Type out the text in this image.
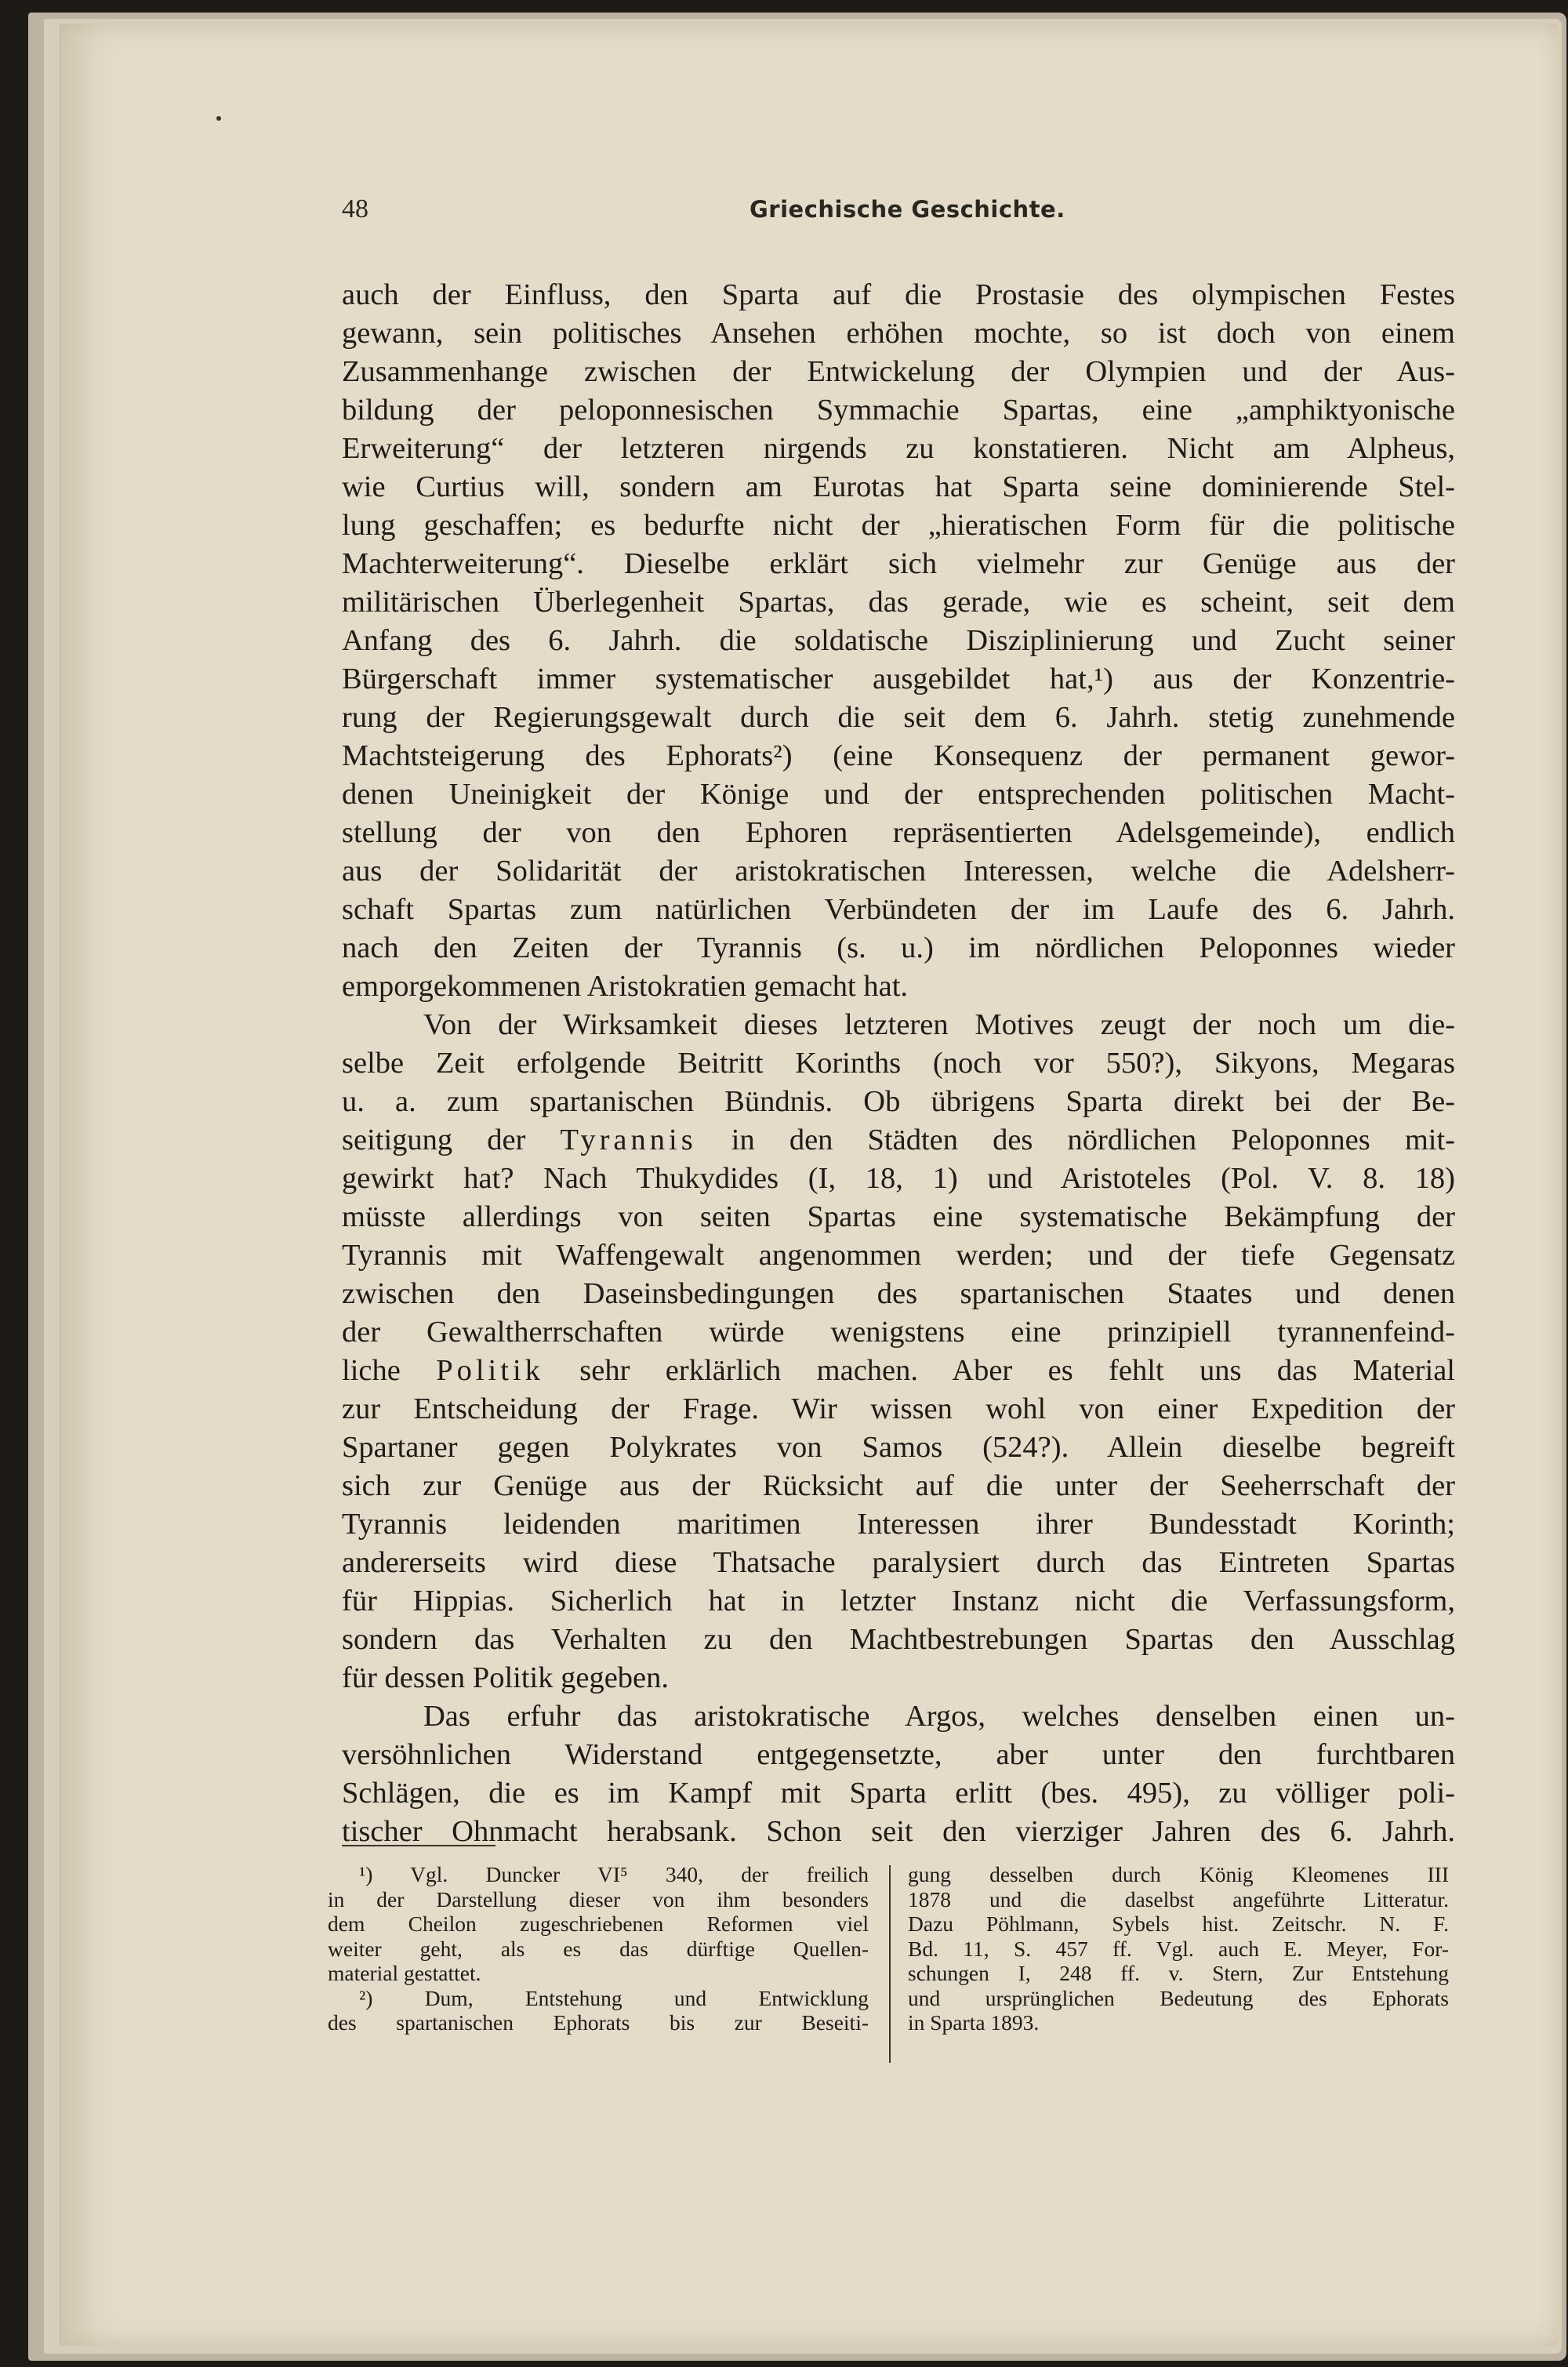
48	Griechische Geschichte.
auch der Einfluss, den Sparta auf die Prostasie des olympischen Festes
gewann, sein politisches Ansehen erhöhen mochte, so ist doch von einem
Zusammenhange zwischen der Entwickelung der Olympien und der Aus-
bildung der peloponnesischen Symmachie Spartas, eine „amphiktyonische
Erweiterung“ der letzteren nirgends zu konstatieren. Nicht am Alpheus,
wie Curtius will, sondern am Eurotas hat Sparta seine dominierende Stel-
lung geschaffen; es bedurfte nicht der „hieratischen Form für die politische
Machterweiterung“. Dieselbe erklärt sich vielmehr zur Genüge aus der
militärischen Überlegenheit Spartas, das gerade, wie es scheint, seit dem
Anfang des 6. Jahrh. die soldatische Disziplinierung und Zucht seiner
Bürgerschaft immer systematischer ausgebildet hat,¹) aus der Konzentrie-
rung der Regierungsgewalt durch die seit dem 6. Jahrh. stetig zunehmende
Machtsteigerung des Ephorats²) (eine Konsequenz der permanent gewor-
denen Uneinigkeit der Könige und der entsprechenden politischen Macht-
stellung der von den Ephoren repräsentierten Adelsgemeinde), endlich
aus der Solidarität der aristokratischen Interessen, welche die Adelsherr-
schaft Spartas zum natürlichen Verbündeten der im Laufe des 6. Jahrh.
nach den Zeiten der Tyrannis (s. u.) im nördlichen Peloponnes wieder
emporgekommenen Aristokratien gemacht hat.
Von der Wirksamkeit dieses letzteren Motives zeugt der noch um die-
selbe Zeit erfolgende Beitritt Korinths (noch vor 550?), Sikyons, Megaras
u. a. zum spartanischen Bündnis. Ob übrigens Sparta direkt bei der Be-
seitigung der Tyrannis in den Städten des nördlichen Peloponnes mit-
gewirkt hat? Nach Thukydides (I, 18, 1) und Aristoteles (Pol. V. 8. 18)
müsste allerdings von seiten Spartas eine systematische Bekämpfung der
Tyrannis mit Waffengewalt angenommen werden; und der tiefe Gegensatz
zwischen den Daseinsbedingungen des spartanischen Staates und denen
der Gewaltherrschaften würde wenigstens eine prinzipiell tyrannenfeind-
liche Politik sehr erklärlich machen. Aber es fehlt uns das Material
zur Entscheidung der Frage. Wir wissen wohl von einer Expedition der
Spartaner gegen Polykrates von Samos (524?). Allein dieselbe begreift
sich zur Genüge aus der Rücksicht auf die unter der Seeherrschaft der
Tyrannis leidenden maritimen Interessen ihrer Bundesstadt Korinth;
andererseits wird diese Thatsache paralysiert durch das Eintreten Spartas
für Hippias. Sicherlich hat in letzter Instanz nicht die Verfassungsform,
sondern das Verhalten zu den Machtbestrebungen Spartas den Ausschlag
für dessen Politik gegeben.
Das erfuhr das aristokratische Argos, welches denselben einen un-
versöhnlichen Widerstand entgegensetzte, aber unter den furchtbaren
Schlägen, die es im Kampf mit Sparta erlitt (bes. 495), zu völliger poli-
tischer Ohnmacht herabsank. Schon seit den vierziger Jahren des 6. Jahrh.
¹) Vgl. Duncker VI⁵ 340, der freilich
in der Darstellung dieser von ihm besonders
dem Cheilon zugeschriebenen Reformen viel
weiter geht, als es das dürftige Quellen-
material gestattet.
²) Dum, Entstehung und Entwicklung
des spartanischen Ephorats bis zur Beseiti-
gung desselben durch König Kleomenes III
1878 und die daselbst angeführte Litteratur.
Dazu Pöhlmann, Sybels hist. Zeitschr. N. F.
Bd. 11, S. 457 ff. Vgl. auch E. Meyer, For-
schungen I, 248 ff. v. Stern, Zur Entstehung
und ursprünglichen Bedeutung des Ephorats
in Sparta 1893.
